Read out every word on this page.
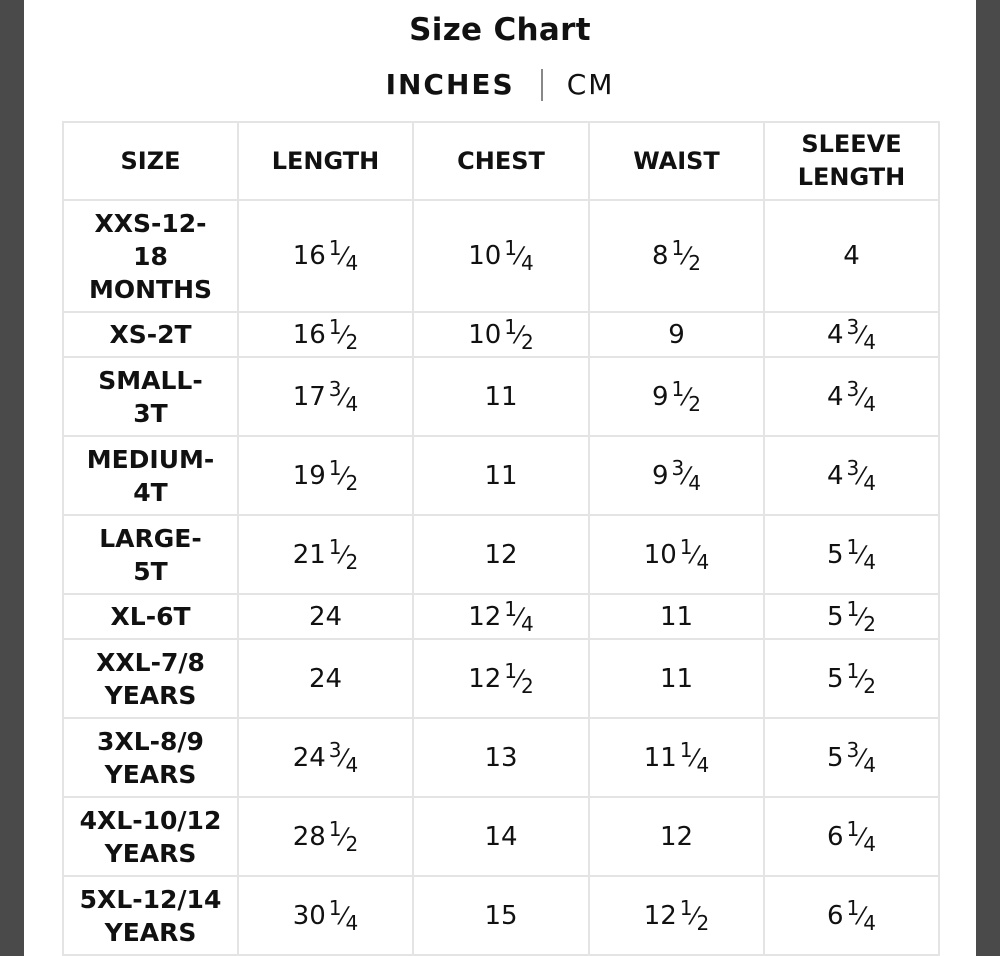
Size Chart
INCHES	CM
SIZE	LENGTH	CHEST	WAIST	SLEEVE LENGTH
XXS-12-18 MONTHS	16 1⁄4	10 1⁄4	8 1⁄2	4
XS-2T	16 1⁄2	10 1⁄2	9	4 3⁄4
SMALL-3T	17 3⁄4	11	9 1⁄2	4 3⁄4
MEDIUM-4T	19 1⁄2	11	9 3⁄4	4 3⁄4
LARGE-5T	21 1⁄2	12	10 1⁄4	5 1⁄4
XL-6T	24	12 1⁄4	11	5 1⁄2
XXL-7/8 YEARS	24	12 1⁄2	11	5 1⁄2
3XL-8/9 YEARS	24 3⁄4	13	11 1⁄4	5 3⁄4
4XL-10/12 YEARS	28 1⁄2	14	12	6 1⁄4
5XL-12/14 YEARS	30 1⁄4	15	12 1⁄2	6 1⁄4
